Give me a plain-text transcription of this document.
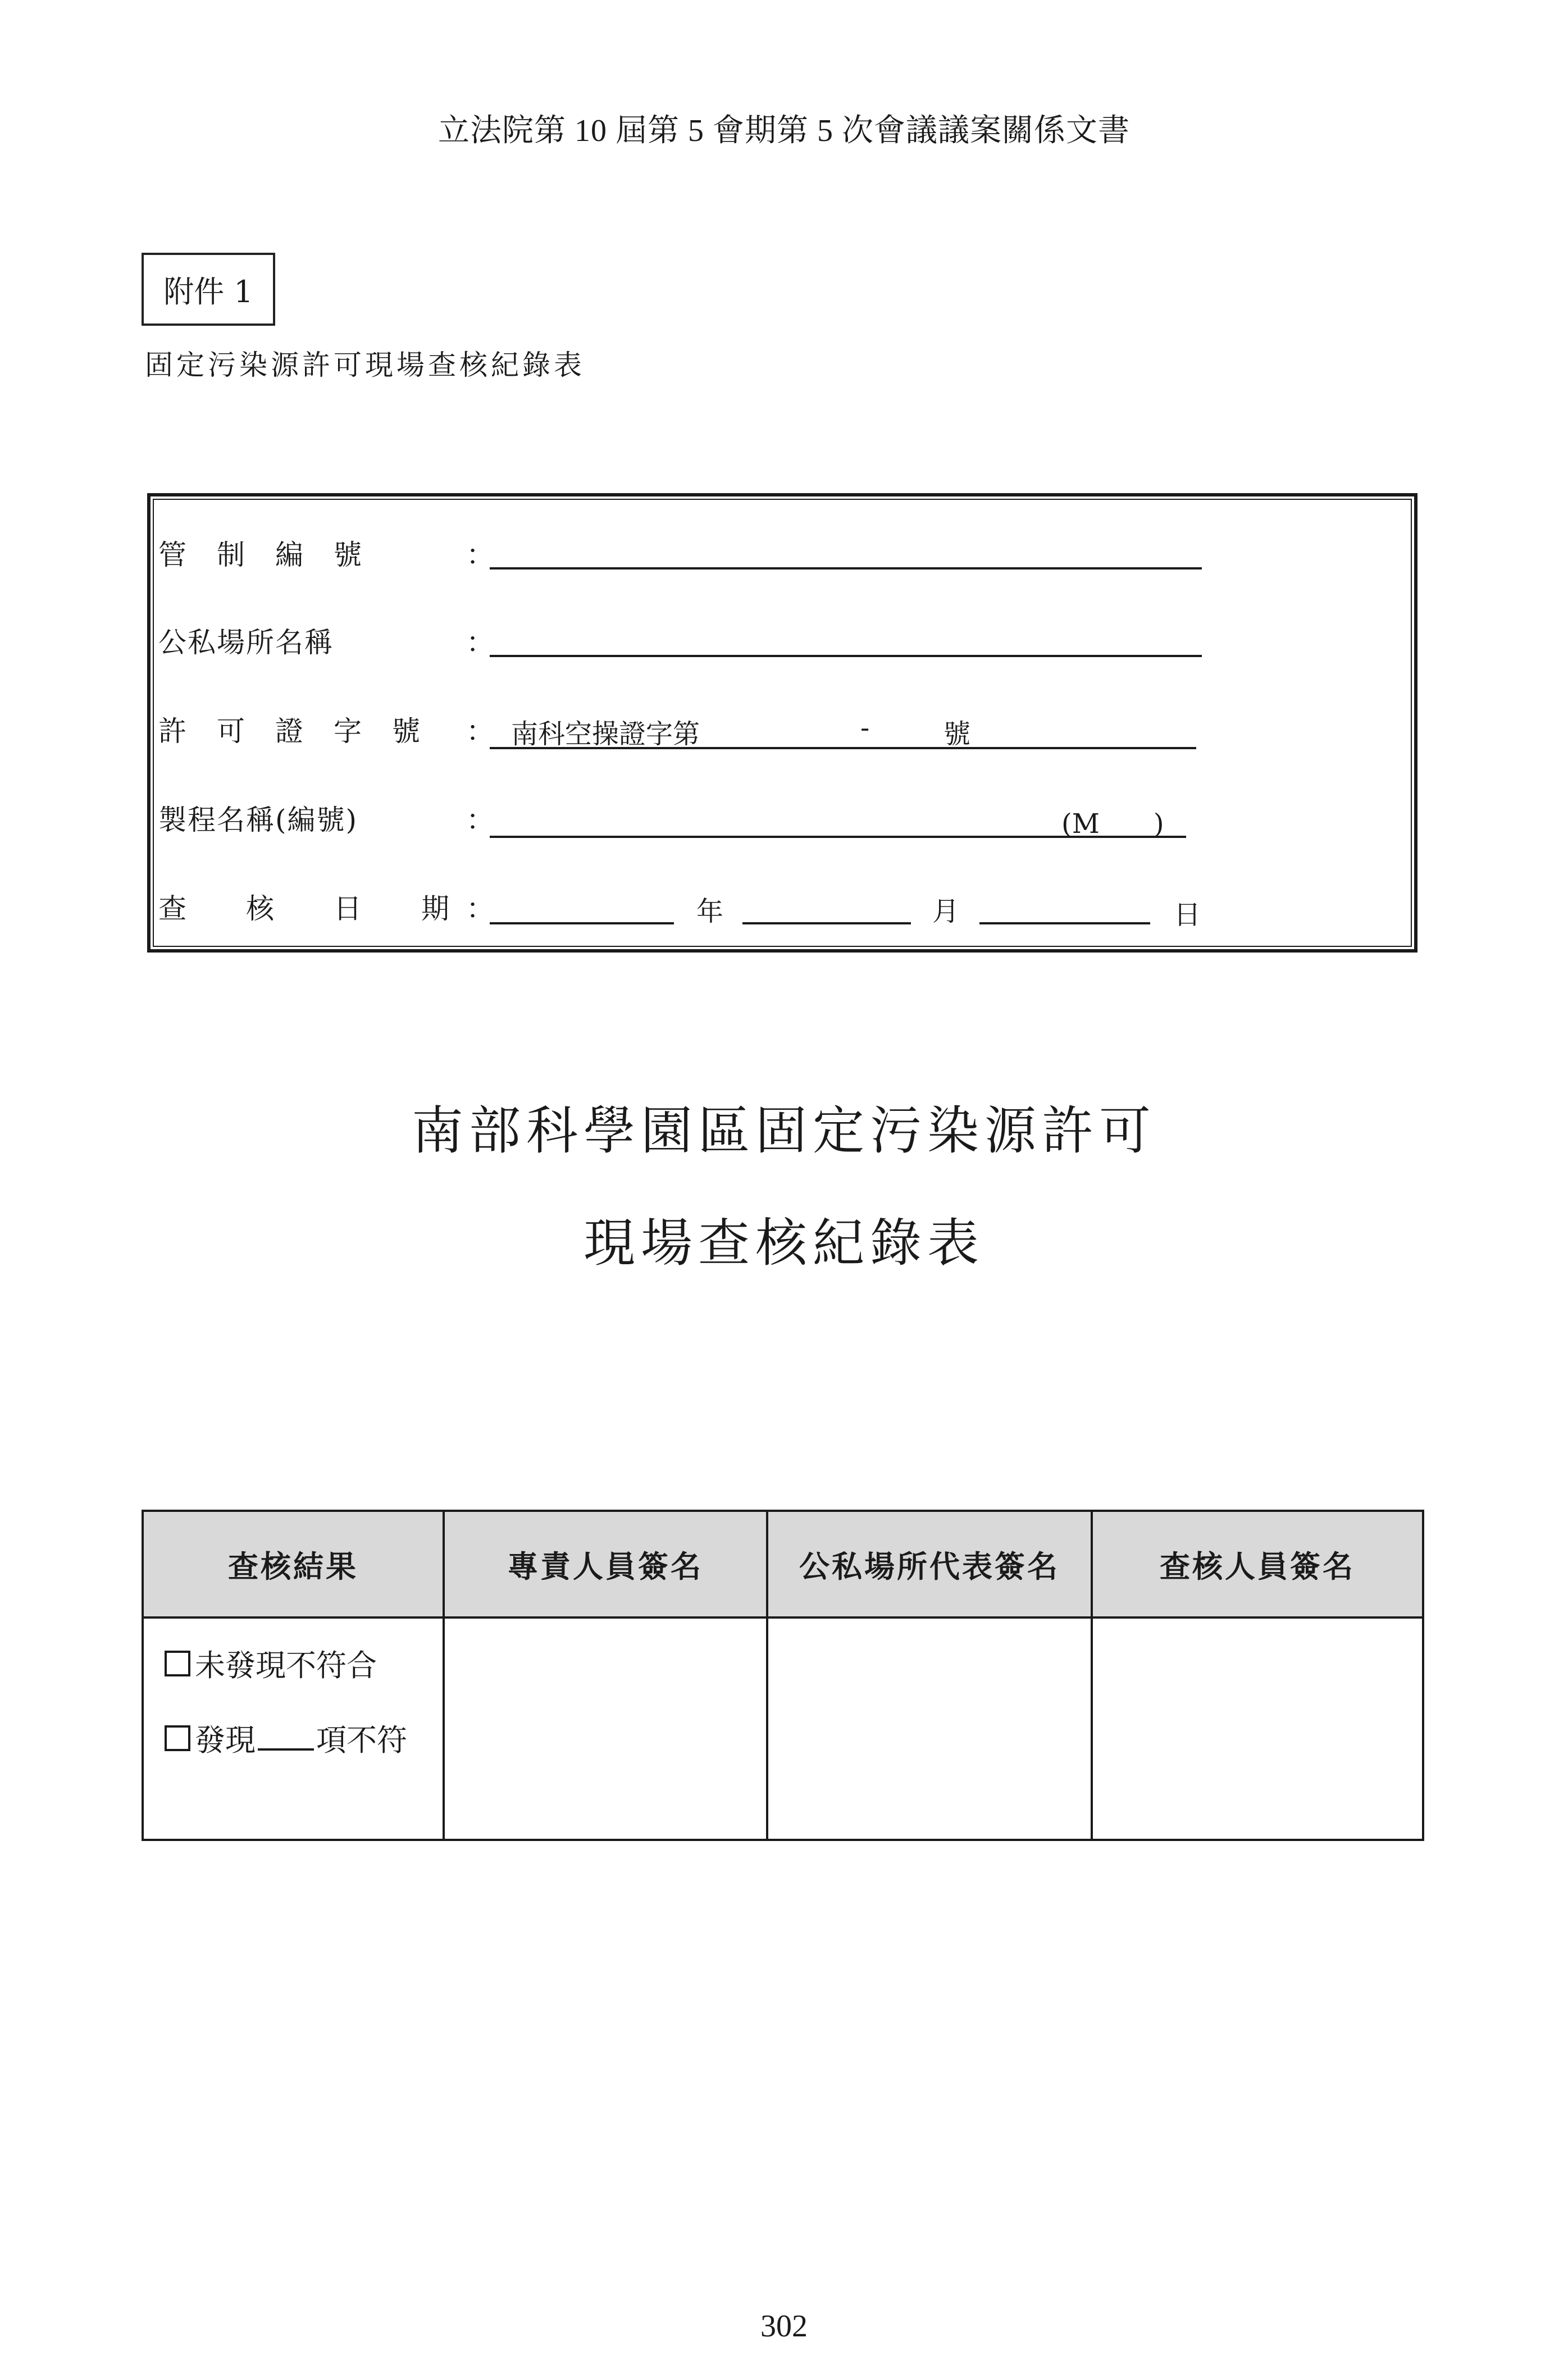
立法院第 10 屆第 5 會期第 5 次會議議案關係文書
附件 1
固定污染源許可現場查核紀錄表
管　制　編　號	：
公私場所名稱	：
許　可　證　字　號 ： 南科空操證字第	-	號
製程名稱(編號)	：	(M　　)
查　　核　　日　　期 ：	年	月	日
南部科學園區固定污染源許可
現場查核紀錄表
查核結果	專責人員簽名	公私場所代表簽名	查核人員簽名

未發現不符合
發現 項不符			

302
